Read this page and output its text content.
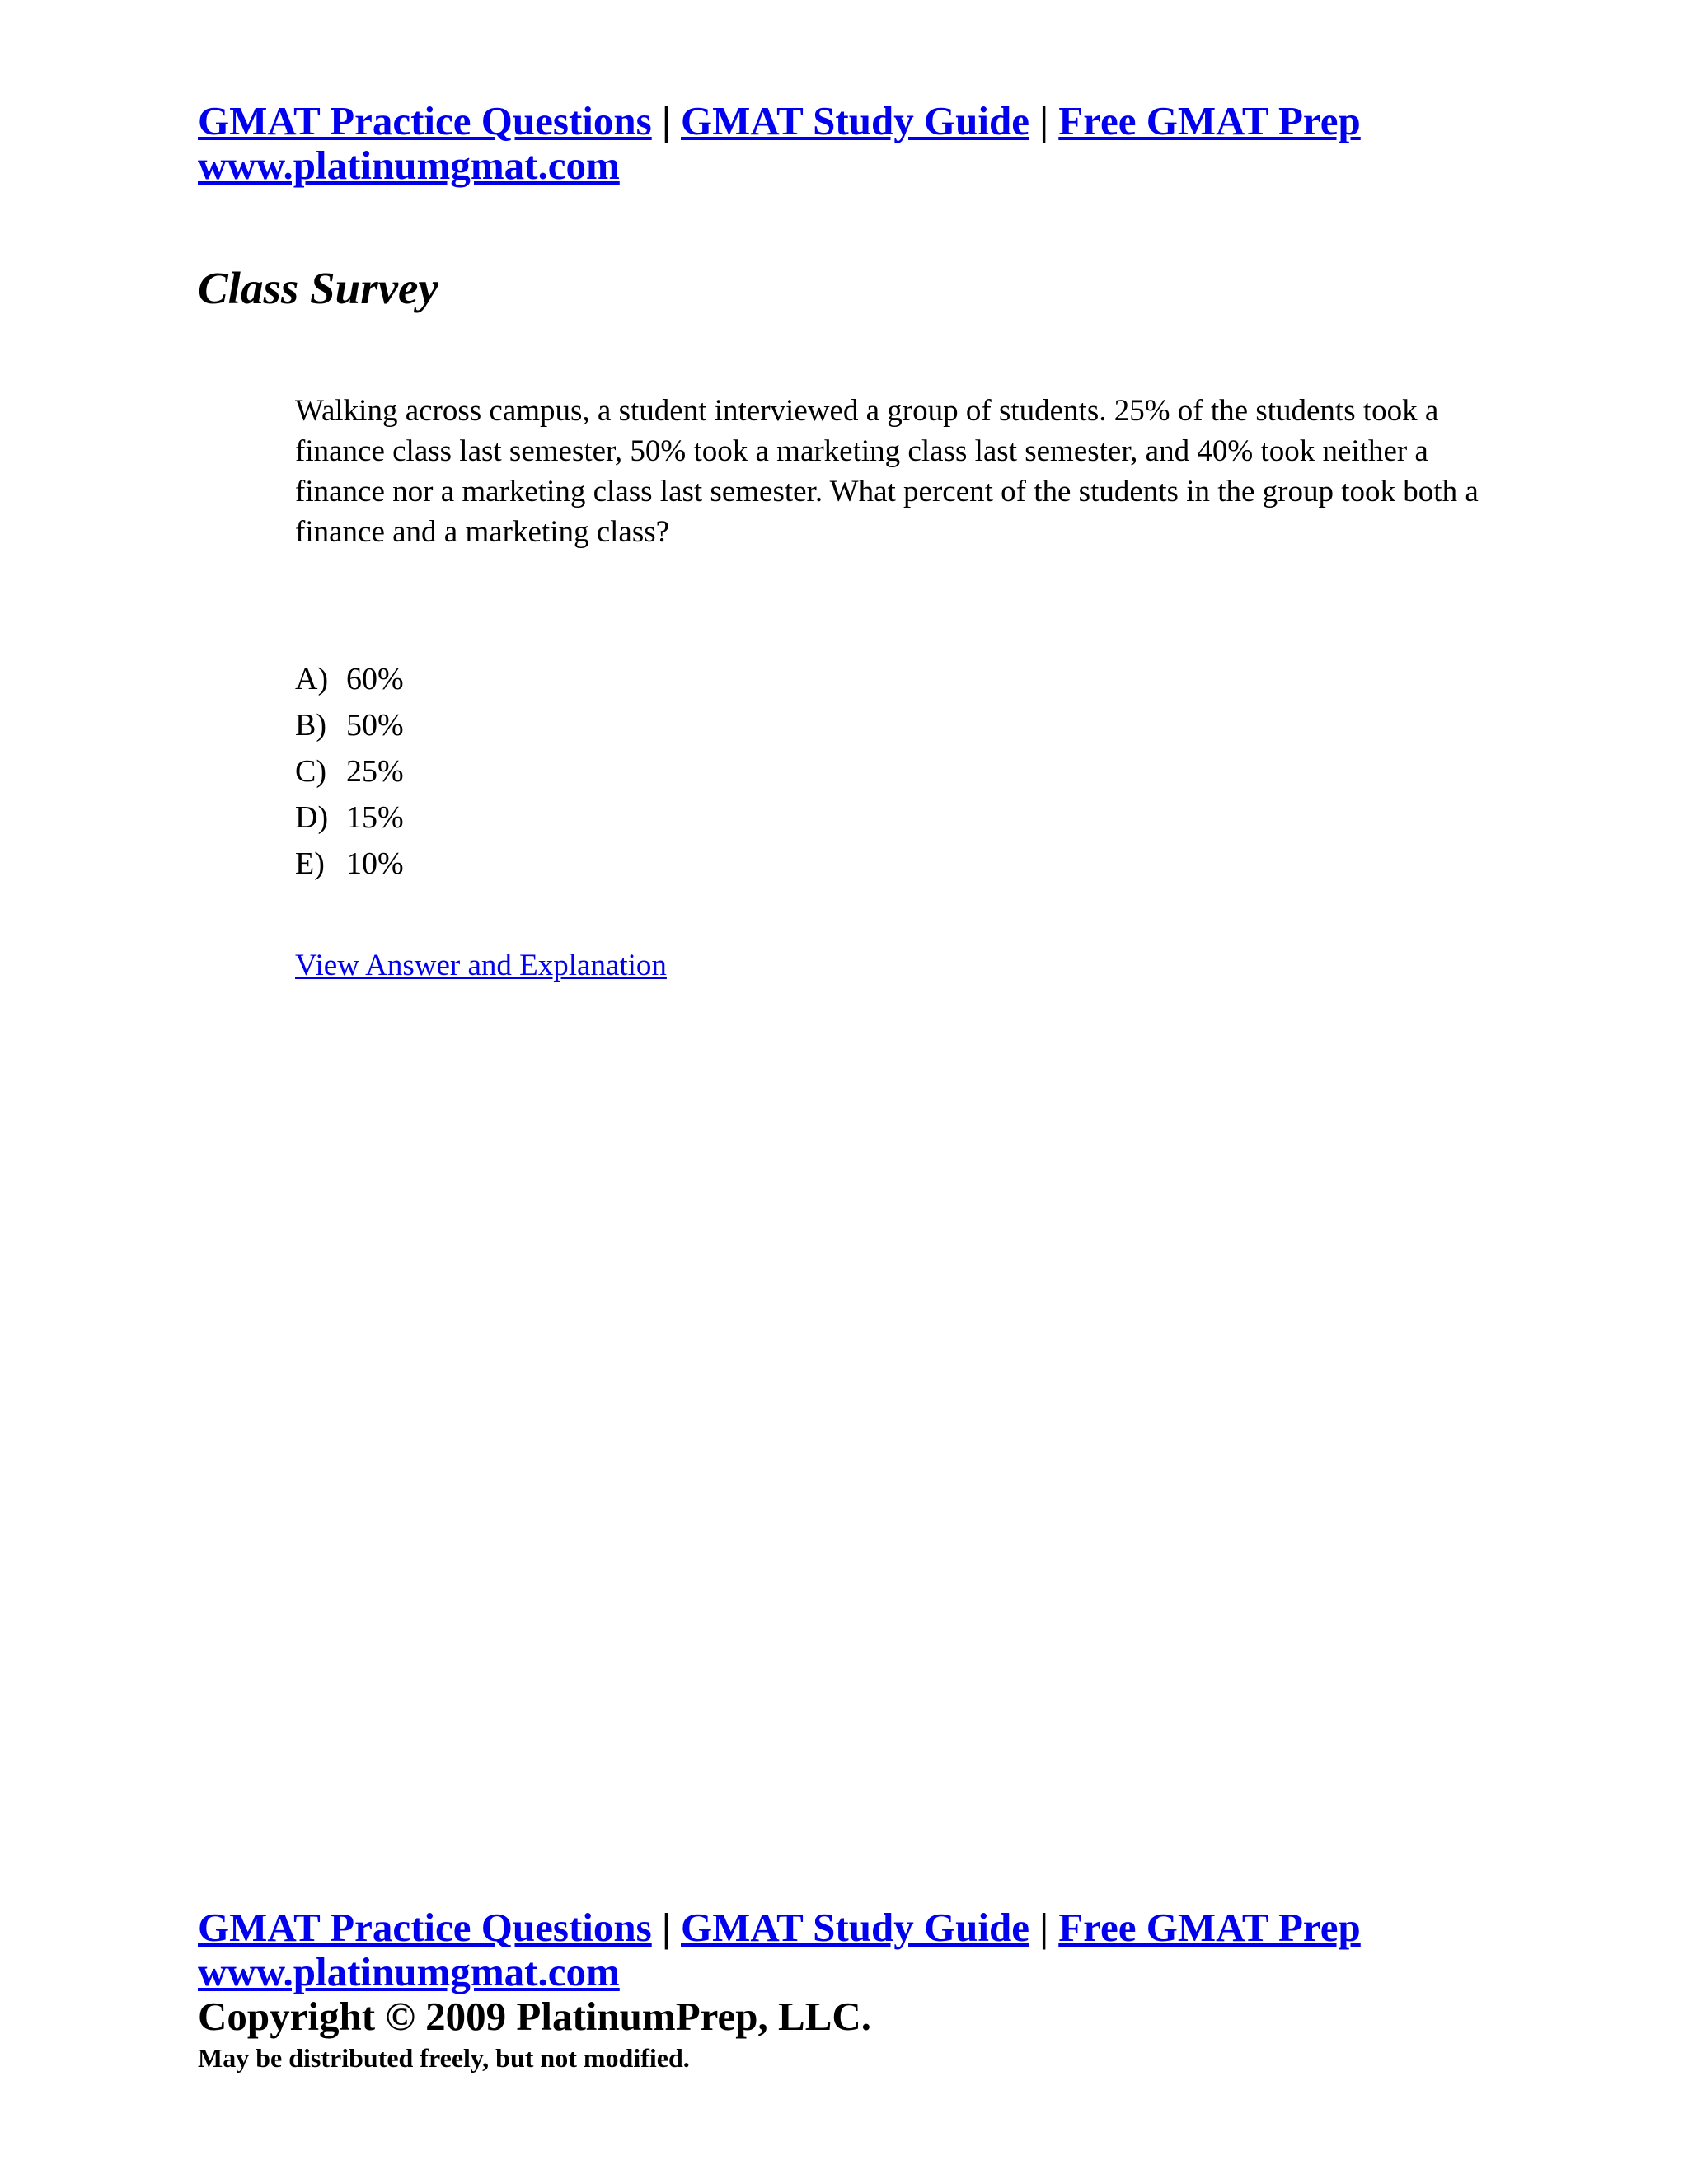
GMAT Practice Questions | GMAT Study Guide | Free GMAT Prep
www.platinumgmat.com
Class Survey

Walking across campus, a student interviewed a group of students. 25% of the students took a finance class last semester, 50% took a marketing class last semester, and 40% took neither a finance nor a marketing class last semester. What percent of the students in the group took both a finance and a marketing class?

A) 60%
B) 50%
C) 25%
D) 15%
E) 10%
View Answer and Explanation
GMAT Practice Questions | GMAT Study Guide | Free GMAT Prep
www.platinumgmat.com

Copyright © 2009 PlatinumPrep, LLC.

May be distributed freely, but not modified.
